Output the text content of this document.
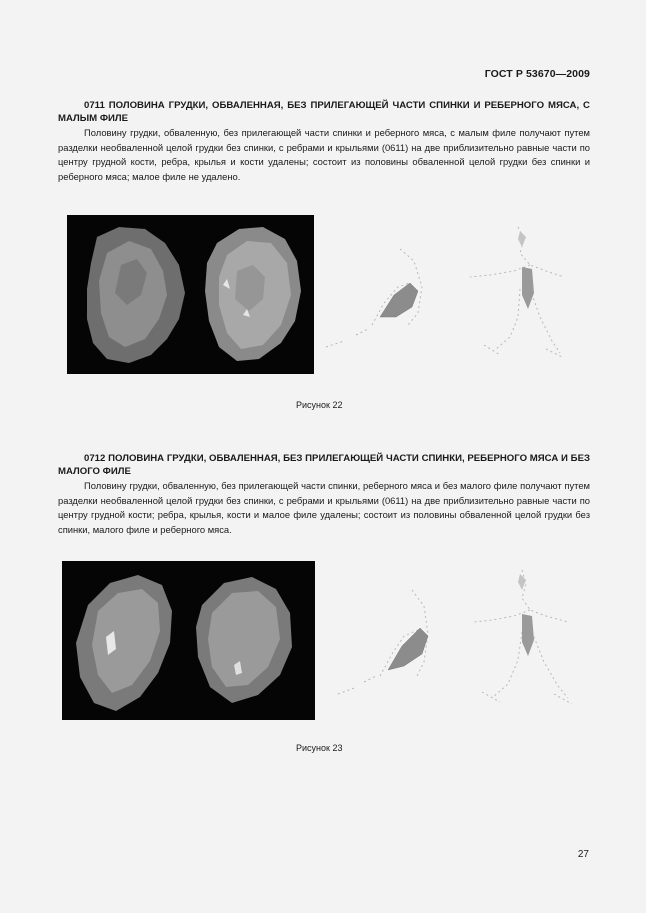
ГОСТ Р 53670—2009

0711 ПОЛОВИНА ГРУДКИ, ОБВАЛЕННАЯ, БЕЗ ПРИЛЕГАЮЩЕЙ ЧАСТИ СПИНКИ И РЕБЕРНОГО МЯСА, С МАЛЫМ ФИЛЕ

Половину грудки, обваленную, без прилегающей части спинки и реберного мяса, с малым филе получают путем разделки необваленной целой грудки без спинки, с ребрами и крыльями (0611) на две приблизительно равные части по центру грудной кости, ребра, крылья и кости удалены; состоит из половины обваленной целой грудки без спинки и реберного мяса; малое филе не удалено.

Рисунок 22

0712 ПОЛОВИНА ГРУДКИ, ОБВАЛЕННАЯ, БЕЗ ПРИЛЕГАЮЩЕЙ ЧАСТИ СПИНКИ, РЕБЕРНОГО МЯСА И БЕЗ МАЛОГО ФИЛЕ

Половину грудки, обваленную, без прилегающей части спинки, реберного мяса и без малого филе получают путем разделки необваленной целой грудки без спинки, с ребрами и крыльями (0611) на две приблизительно равные части по центру грудной кости; ребра, крылья, кости и малое филе удалены; состоит из половины обваленной целой грудки без спинки, малого филе и реберного мяса.

Рисунок 23
27
